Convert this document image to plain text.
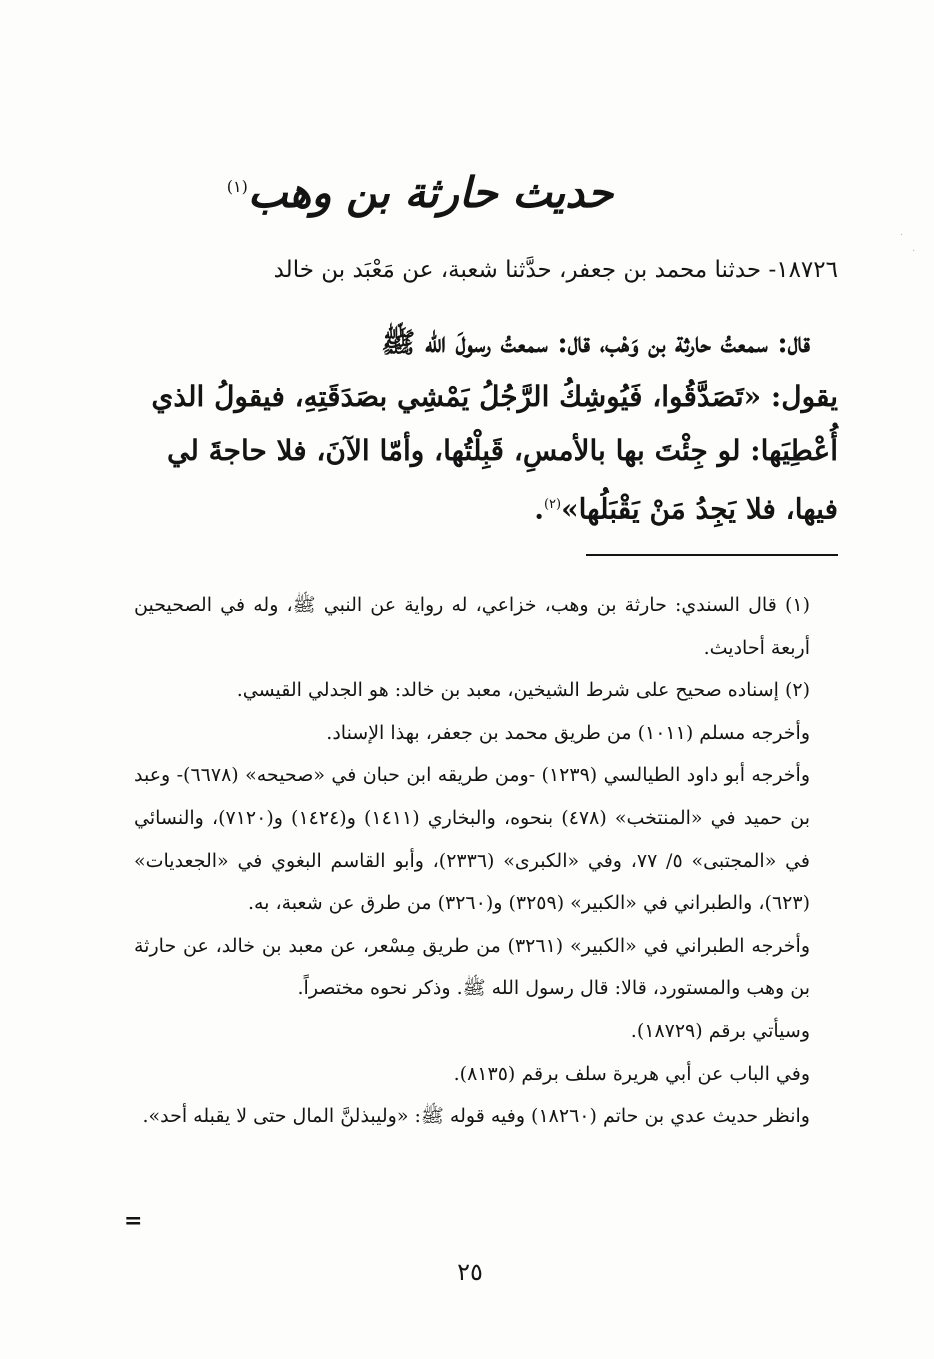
حديث حارثة بن وهب$^{(١)}$
١٨٧٢٦- حدثنا محمد بن جعفر، حدَّثنا شعبة، عن مَعْبَد بن خالد

قال: سمعتُ حارثة بن وَهْب، قال: سمعتُ رسولَ الله ﷺ

يقول: «تَصَدَّقُوا، فَيُوشِكُ الرَّجُلُ يَمْشِي بصَدَقَتِهِ، فيقولُ الذي

أُعْطِيَها: لو جِئْتَ بها بالأمسِ، قَبِلْتُها، وأمّا الآنَ، فلا حاجةَ لي

فيها، فلا يَجِدُ مَنْ يَقْبَلُها»$^{(٢)}$.

(١) قال السندي: حارثة بن وهب، خزاعي، له رواية عن النبي ﷺ، وله في الصحيحين أربعة أحاديث.

(٢) إسناده صحيح على شرط الشيخين، معبد بن خالد: هو الجدلي القيسي.

وأخرجه مسلم (١٠١١) من طريق محمد بن جعفر، بهذا الإسناد.

وأخرجه أبو داود الطيالسي (١٢٣٩) -ومن طريقه ابن حبان في «صحيحه» (٦٦٧٨)- وعبد بن حميد في «المنتخب» (٤٧٨) بنحوه، والبخاري (١٤١١) و(١٤٢٤) و(٧١٢٠)، والنسائي في «المجتبى» ٥/ ٧٧، وفي «الكبرى» (٢٣٣٦)، وأبو القاسم البغوي في «الجعديات» (٦٢٣)، والطبراني في «الكبير» (٣٢٥٩) و(٣٢٦٠) من طرق عن شعبة، به.

وأخرجه الطبراني في «الكبير» (٣٢٦١) من طريق مِسْعر، عن معبد بن خالد، عن حارثة بن وهب والمستورد، قالا: قال رسول الله ﷺ. وذكر نحوه مختصراً.

وسيأتي برقم (١٨٧٢٩).

وفي الباب عن أبي هريرة سلف برقم (٨١٣٥).

وانظر حديث عدي بن حاتم (١٨٢٦٠) وفيه قوله ﷺ: «وليبذلنَّ المال حتى لا يقبله أحد».

=
٢٥
·
·
